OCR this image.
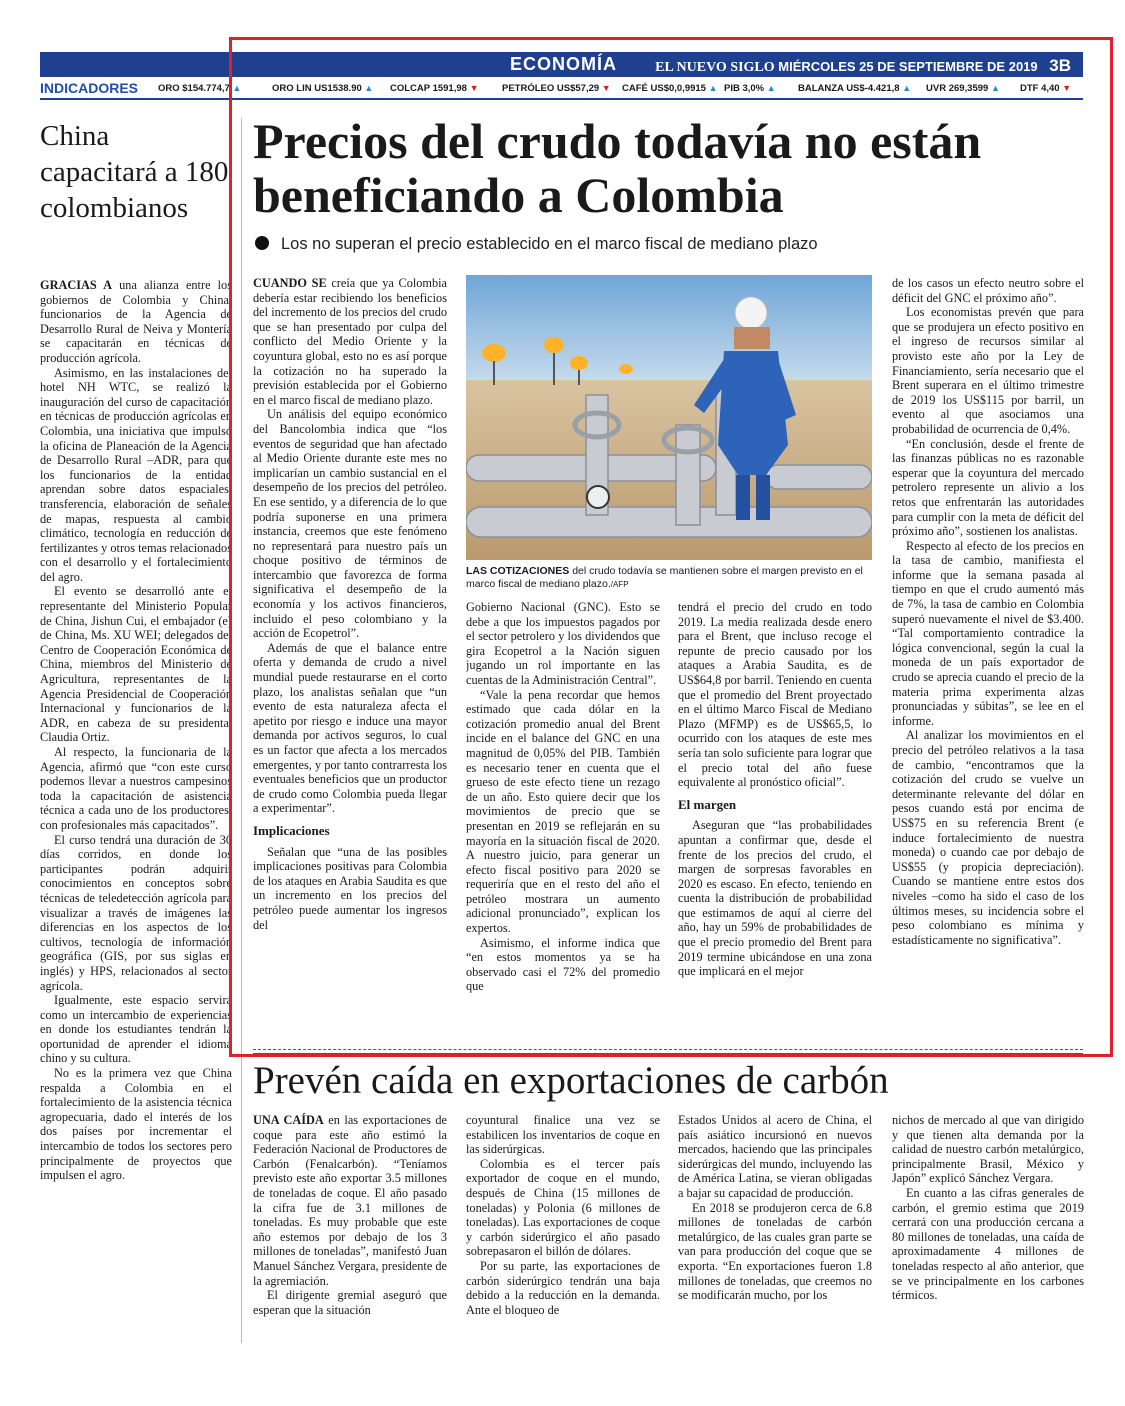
ECONOMÍA	EL NUEVO SIGLO MIÉRCOLES 25 DE SEPTIEMBRE DE 2019 3B
INDICADORES ORO $154.774,7 ▲	ORO LIN US1538.90 ▲ COLCAP 1591,98 ▼ PETRÓLEO US$57,29 ▼ CAFÉ US$0,0,9915 ▲ PIB 3,0% ▲ BALANZA US$-4.421,8 ▲ UVR 269,3599 ▲ DTF 4,40 ▼
China capacitará a 180 colombianos

GRACIAS A una alianza entre los gobiernos de Colombia y China, funcionarios de la Agencia de Desarrollo Rural de Neiva y Montería se capacitarán en técnicas de producción agrícola.

Asimismo, en las instalaciones del hotel NH WTC, se realizó la inauguración del curso de capacitación en técnicas de producción agrícolas en Colombia, una iniciativa que impulsó la oficina de Planeación de la Agencia de Desarrollo Rural –ADR, para que los funcionarios de la entidad aprendan sobre datos espaciales, transferencia, elaboración de señales de mapas, respuesta al cambio climático, tecnología en reducción de fertilizantes y otros temas relacionados con el desarrollo y el fortalecimiento del agro.

El evento se desarrolló ante el representante del Ministerio Popular de China, Jishun Cui, el embajador (e) de China, Ms. XU WEI; delegados del Centro de Cooperación Económica de China, miembros del Ministerio de Agricultura, representantes de la Agencia Presidencial de Cooperación Internacional y funcionarios de la ADR, en cabeza de su presidenta, Claudia Ortiz.

Al respecto, la funcionaria de la Agencia, afirmó que “con este curso podemos llevar a nuestros campesinos toda la capacitación de asistencia técnica a cada uno de los productores, con profesionales más capacitados”.

El curso tendrá una duración de 30 días corridos, en donde los participantes podrán adquirir conocimientos en conceptos sobre técnicas de teledetección agrícola para visualizar a través de imágenes las diferencias en los aspectos de los cultivos, tecnología de información geográfica (GIS, por sus siglas en inglés) y HPS, relacionados al sector agrícola.

Igualmente, este espacio servirá como un intercambio de experiencias en donde los estudiantes tendrán la oportunidad de aprender el idioma chino y su cultura.

No es la primera vez que China respalda a Colombia en el fortalecimiento de la asistencia técnica agropecuaria, dado el interés de los dos países por incrementar el intercambio de todos los sectores pero principalmente de proyectos que impulsen el agro.

Precios del crudo todavía no están beneficiando a Colombia
Los no superan el precio establecido en el marco fiscal de mediano plazo
LAS COTIZACIONES del crudo todavía se mantienen sobre el margen previsto en el marco fiscal de mediano plazo./AFP

CUANDO SE creía que ya Colombia debería estar recibiendo los beneficios del incremento de los precios del crudo que se han presentado por culpa del conflicto del Medio Oriente y la coyuntura global, esto no es así porque la cotización no ha superado la previsión establecida por el Gobierno en el marco fiscal de mediano plazo.

Un análisis del equipo económico del Bancolombia indica que “los eventos de seguridad que han afectado al Medio Oriente durante este mes no implicarían un cambio sustancial en el desempeño de los precios del petróleo. En ese sentido, y a diferencia de lo que podría suponerse en una primera instancia, creemos que este fenómeno no representará para nuestro país un choque positivo de términos de intercambio que favorezca de forma significativa el desempeño de la economía y los activos financieros, incluido el peso colombiano y la acción de Ecopetrol”.

Además de que el balance entre oferta y demanda de crudo a nivel mundial puede restaurarse en el corto plazo, los analistas señalan que “un evento de esta naturaleza afecta el apetito por riesgo e induce una mayor demanda por activos seguros, lo cual es un factor que afecta a los mercados emergentes, y por tanto contrarresta los eventuales beneficios que un productor de crudo como Colombia pueda llegar a experimentar”.

Implicaciones

Señalan que “una de las posibles implicaciones positivas para Colombia de los ataques en Arabia Saudita es que un incremento en los precios del petróleo puede aumentar los ingresos del

Gobierno Nacional (GNC). Esto se debe a que los impuestos pagados por el sector petrolero y los dividendos que gira Ecopetrol a la Nación siguen jugando un rol importante en las cuentas de la Administración Central”.

“Vale la pena recordar que hemos estimado que cada dólar en la cotización promedio anual del Brent incide en el balance del GNC en una magnitud de 0,05% del PIB. También es necesario tener en cuenta que el grueso de este efecto tiene un rezago de un año. Esto quiere decir que los movimientos de precio que se presentan en 2019 se reflejarán en su mayoría en la situación fiscal de 2020. A nuestro juicio, para generar un efecto fiscal positivo para 2020 se requeriría que en el resto del año el petróleo mostrara un aumento adicional pronunciado”, explican los expertos.

Asimismo, el informe indica que “en estos momentos ya se ha observado casi el 72% del promedio que

tendrá el precio del crudo en todo 2019. La media realizada desde enero para el Brent, que incluso recoge el repunte de precio causado por los ataques a Arabia Saudita, es de US$64,8 por barril. Teniendo en cuenta que el promedio del Brent proyectado en el último Marco Fiscal de Mediano Plazo (MFMP) es de US$65,5, lo ocurrido con los ataques de este mes sería tan solo suficiente para lograr que el precio total del año fuese equivalente al pronóstico oficial”.

El margen

Aseguran que “las probabilidades apuntan a confirmar que, desde el frente de los precios del crudo, el margen de sorpresas favorables en 2020 es escaso. En efecto, teniendo en cuenta la distribución de probabilidad que estimamos de aquí al cierre del año, hay un 59% de probabilidades de que el precio promedio del Brent para 2019 termine ubicándose en una zona que implicará en el mejor

de los casos un efecto neutro sobre el déficit del GNC el próximo año”.

Los economistas prevén que para que se produjera un efecto positivo en el ingreso de recursos similar al provisto este año por la Ley de Financiamiento, sería necesario que el Brent superara en el último trimestre de 2019 los US$115 por barril, un evento al que asociamos una probabilidad de ocurrencia de 0,4%.

“En conclusión, desde el frente de las finanzas públicas no es razonable esperar que la coyuntura del mercado petrolero represente un alivio a los retos que enfrentarán las autoridades para cumplir con la meta de déficit del próximo año”, sostienen los analistas.

Respecto al efecto de los precios en la tasa de cambio, manifiesta el informe que la semana pasada al tiempo en que el crudo aumentó más de 7%, la tasa de cambio en Colombia superó nuevamente el nivel de $3.400. “Tal comportamiento contradice la lógica convencional, según la cual la moneda de un país exportador de crudo se aprecia cuando el precio de la materia prima experimenta alzas pronunciadas y súbitas”, se lee en el informe.

Al analizar los movimientos en el precio del petróleo relativos a la tasa de cambio, “encontramos que la cotización del crudo se vuelve un determinante relevante del dólar en pesos cuando está por encima de US$75 en su referencia Brent (e induce fortalecimiento de nuestra moneda) o cuando cae por debajo de US$55 (y propicia depreciación). Cuando se mantiene entre estos dos niveles –como ha sido el caso de los últimos meses, su incidencia sobre el peso colombiano es mínima y estadísticamente no significativa”.

Prevén caída en exportaciones de carbón

UNA CAÍDA en las exportaciones de coque para este año estimó la Federación Nacional de Productores de Carbón (Fenalcarbón). “Teníamos previsto este año exportar 3.5 millones de toneladas de coque. El año pasado la cifra fue de 3.1 millones de toneladas. Es muy probable que este año estemos por debajo de los 3 millones de toneladas”, manifestó Juan Manuel Sánchez Vergara, presidente de la agremiación.

El dirigente gremial aseguró que esperan que la situación

coyuntural finalice una vez se estabilicen los inventarios de coque en las siderúrgicas.

Colombia es el tercer país exportador de coque en el mundo, después de China (15 millones de toneladas) y Polonia (6 millones de toneladas). Las exportaciones de coque y carbón siderúrgico el año pasado sobrepasaron el billón de dólares.

Por su parte, las exportaciones de carbón siderúrgico tendrán una baja debido a la reducción en la demanda. Ante el bloqueo de

Estados Unidos al acero de China, el país asiático incursionó en nuevos mercados, haciendo que las principales siderúrgicas del mundo, incluyendo las de América Latina, se vieran obligadas a bajar su capacidad de producción.

En 2018 se produjeron cerca de 6.8 millones de toneladas de carbón metalúrgico, de las cuales gran parte se van para producción del coque que se exporta. “En exportaciones fueron 1.8 millones de toneladas, que creemos no se modificarán mucho, por los

nichos de mercado al que van dirigido y que tienen alta demanda por la calidad de nuestro carbón metalúrgico, principalmente Brasil, México y Japón” explicó Sánchez Vergara.

En cuanto a las cifras generales de carbón, el gremio estima que 2019 cerrará con una producción cercana a 80 millones de toneladas, una caída de aproximadamente 4 millones de toneladas respecto al año anterior, que se ve principalmente en los carbones térmicos.
